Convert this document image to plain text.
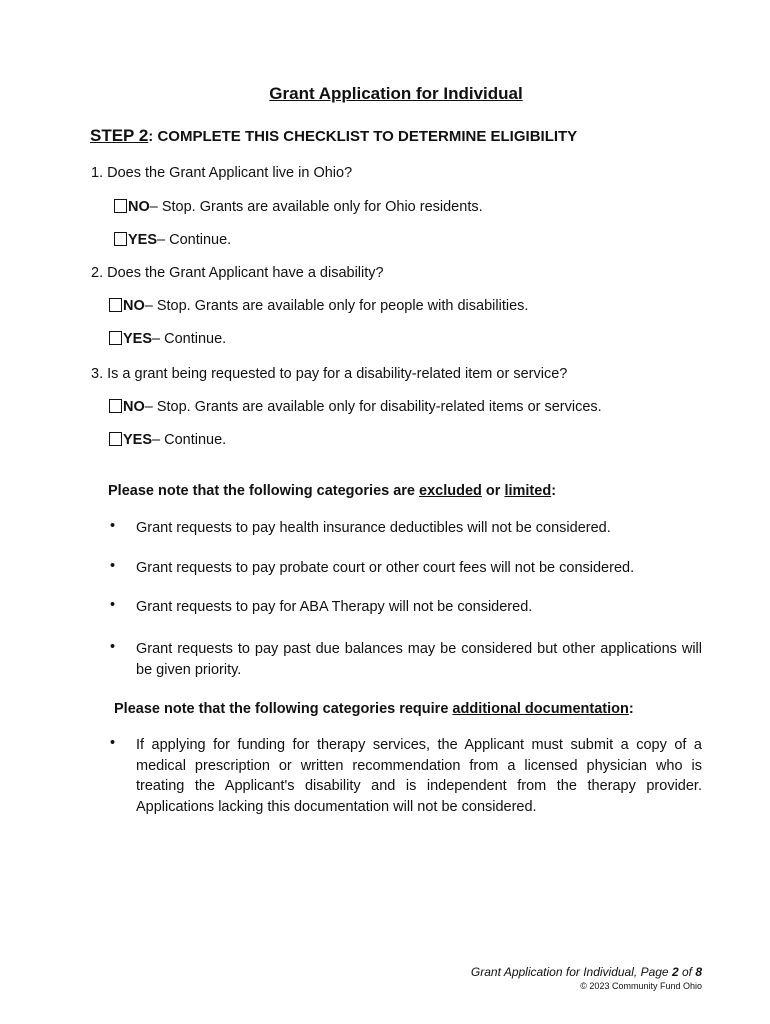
Grant Application for Individual
STEP 2: COMPLETE THIS CHECKLIST TO DETERMINE ELIGIBILITY
1. Does the Grant Applicant live in Ohio?
NO – Stop. Grants are available only for Ohio residents.
YES – Continue.
2. Does the Grant Applicant have a disability?
NO – Stop. Grants are available only for people with disabilities.
YES – Continue.
3. Is a grant being requested to pay for a disability-related item or service?
NO – Stop. Grants are available only for disability-related items or services.
YES – Continue.
Please note that the following categories are excluded or limited:
•	Grant requests to pay health insurance deductibles will not be considered.
•	Grant requests to pay probate court or other court fees will not be considered.
•	Grant requests to pay for ABA Therapy will not be considered.
•	Grant requests to pay past due balances may be considered but other applications will be given priority.
Please note that the following categories require additional documentation:
•	If applying for funding for therapy services, the Applicant must submit a copy of a medical prescription or written recommendation from a licensed physician who is treating the Applicant's disability and is independent from the therapy provider. Applications lacking this documentation will not be considered.
Grant Application for Individual, Page 2 of 8
© 2023 Community Fund Ohio
